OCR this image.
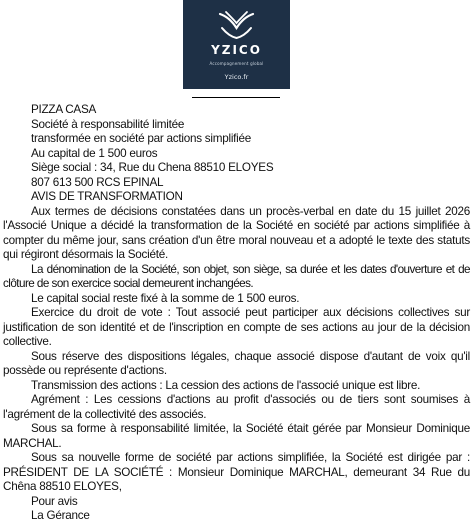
YZICO
Accompagnement global
Yzico.fr
PIZZA CASA
Société à responsabilité limitée
transformée en société par actions simplifiée
Au capital de 1 500 euros
Siège social : 34, Rue du Chena 88510 ELOYES
807 613 500 RCS EPINAL
AVIS DE TRANSFORMATION

Aux termes de décisions constatées dans un procès-verbal en date du 15 juillet 2026 l'Associé Unique a décidé la transformation de la Société en société par actions simplifiée à compter du même jour, sans création d'un être moral nouveau et a adopté le texte des statuts qui régiront désormais la Société.

La dénomination de la Société, son objet, son siège, sa durée et les dates d'ouverture et de clôture de son exercice social demeurent inchangées.

Le capital social reste fixé à la somme de 1 500 euros.

Exercice du droit de vote : Tout associé peut participer aux décisions collectives sur justification de son identité et de l'inscription en compte de ses actions au jour de la décision collective.

Sous réserve des dispositions légales, chaque associé dispose d'autant de voix qu'il possède ou représente d'actions.

Transmission des actions : La cession des actions de l'associé unique est libre.

Agrément : Les cessions d'actions au profit d'associés ou de tiers sont soumises à l'agrément de la collectivité des associés.

Sous sa forme à responsabilité limitée, la Société était gérée par Monsieur Dominique MARCHAL.

Sous sa nouvelle forme de société par actions simplifiée, la Société est dirigée par : PRÉSIDENT DE LA SOCIÉTÉ : Monsieur Dominique MARCHAL, demeurant 34 Rue du Chêna 88510 ELOYES,

Pour avis
La Gérance
